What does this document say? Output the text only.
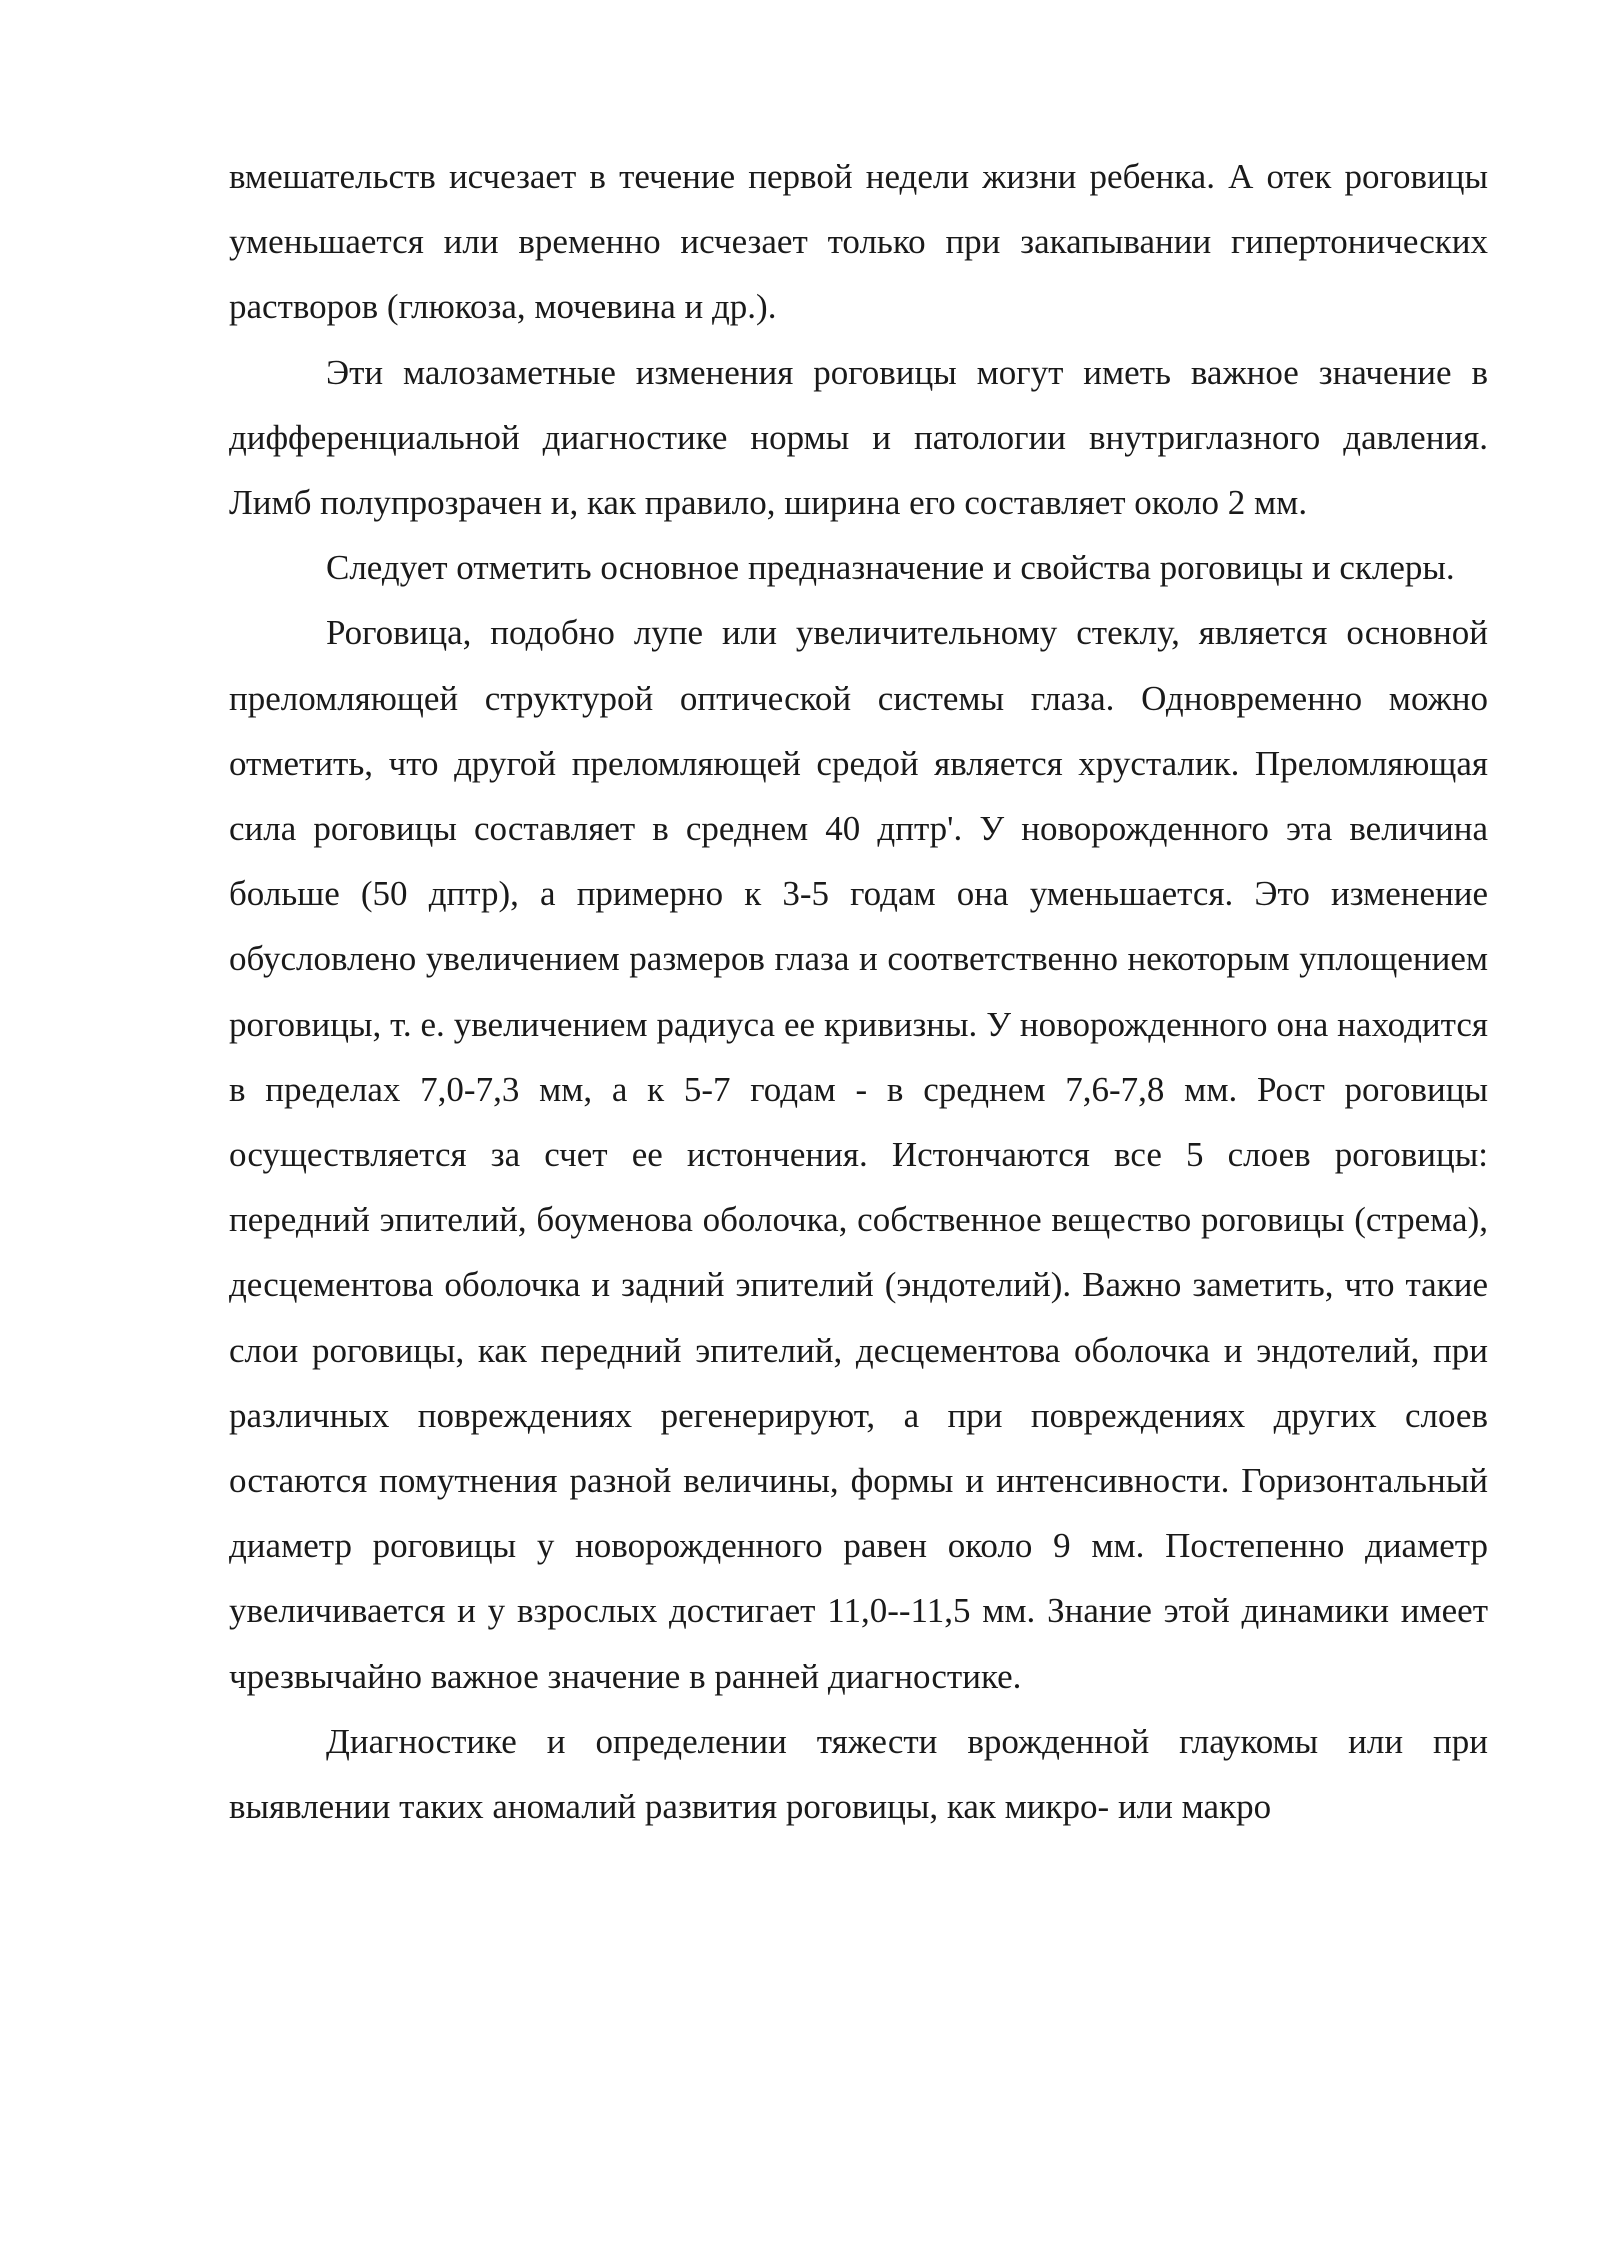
вмешательств исчезает в течение первой недели жизни ребенка. А отек роговицы уменьшается или временно исчезает только при закапывании гипертонических растворов (глюкоза, мочевина и др.).

Эти малозаметные изменения роговицы могут иметь важное значение в дифференциальной диагностике нормы и патологии внутриглазного давления. Лимб полупрозрачен и, как правило, ширина его составляет около 2 мм.

Следует отметить основное предназначение и свойства роговицы и склеры.

Роговица, подобно лупе или увеличительному стеклу, является основной преломляющей структурой оптической системы глаза. Одновременно можно отметить, что другой преломляющей средой является хрусталик. Преломляющая сила роговицы составляет в среднем 40 дптр'. У новорожденного эта величина больше (50 дптр), а примерно к 3-5 годам она уменьшается. Это изменение обусловлено увеличением размеров глаза и соответственно некоторым уплощением роговицы, т. е. увеличением радиуса ее кривизны. У новорожденного она находится в пределах 7,0-7,3 мм, а к 5-7 годам - в среднем 7,6-7,8 мм. Рост роговицы осуществляется за счет ее истончения. Истончаются все 5 слоев роговицы: передний эпителий, боуменова оболочка, собственное вещество роговицы (стрема), десцементова оболочка и задний эпителий (эндотелий). Важно заметить, что такие слои роговицы, как передний эпителий, десцементова оболочка и эндотелий, при различных повреждениях регенерируют, а при повреждениях других слоев остаются помутнения разной величины, формы и интенсивности. Горизонтальный диаметр роговицы у новорожденного равен около 9 мм. Постепенно диаметр увеличивается и у взрослых достигает 11,0--11,5 мм. Знание этой динамики имеет чрезвычайно важное значение в ранней диагностике.

Диагностике и определении тяжести врожденной глаукомы или при выявлении таких аномалий развития роговицы, как микро- или макро
